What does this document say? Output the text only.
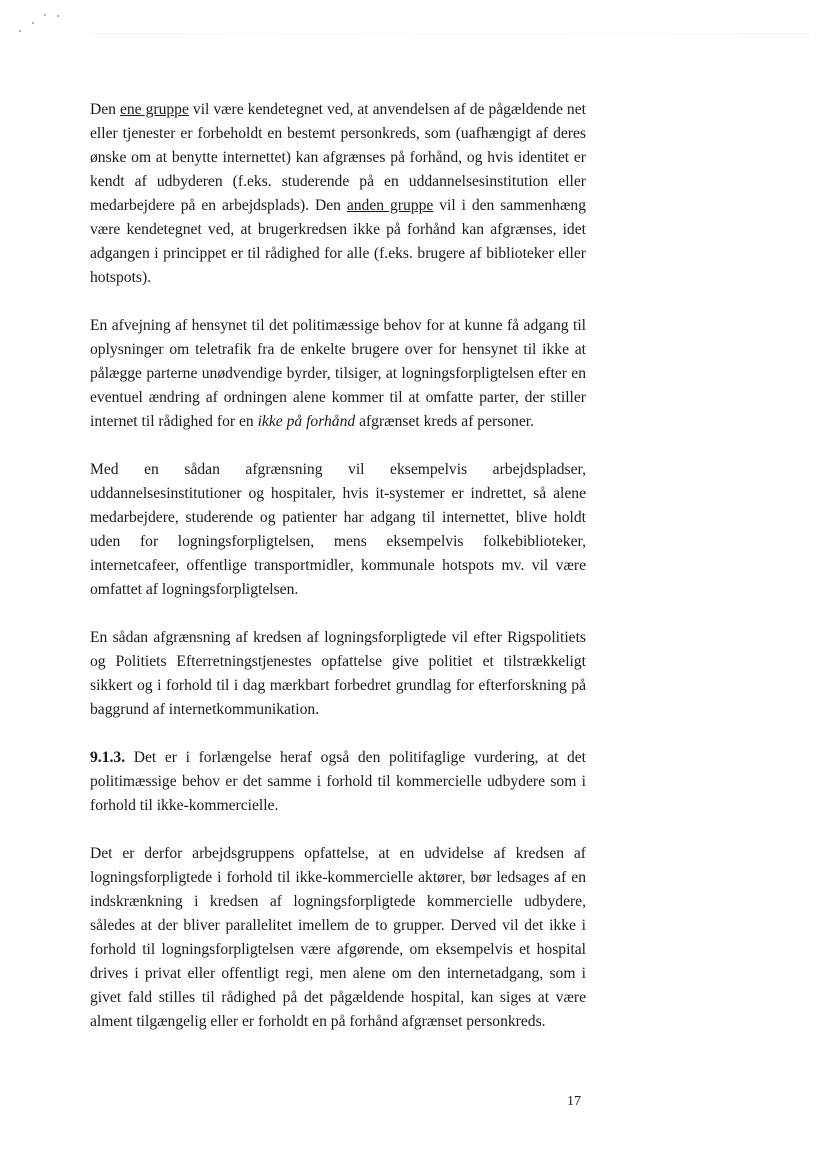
Den ene gruppe vil være kendetegnet ved, at anvendelsen af de pågældende net eller tjenester er forbeholdt en bestemt personkreds, som (uafhængigt af deres ønske om at benytte internettet) kan afgrænses på forhånd, og hvis identitet er kendt af udbyderen (f.eks. studerende på en uddannelsesinstitution eller medarbejdere på en arbejdsplads). Den anden gruppe vil i den sammenhæng være kendetegnet ved, at brugerkredsen ikke på forhånd kan afgrænses, idet adgangen i princippet er til rådighed for alle (f.eks. brugere af biblioteker eller hotspots).

En afvejning af hensynet til det politimæssige behov for at kunne få adgang til oplysninger om teletrafik fra de enkelte brugere over for hensynet til ikke at pålægge parterne unødvendige byrder, tilsiger, at logningsforpligtelsen efter en eventuel ændring af ordningen alene kommer til at omfatte parter, der stiller internet til rådighed for en ikke på forhånd afgrænset kreds af personer.

Med en sådan afgrænsning vil eksempelvis arbejdspladser, uddannelsesinstitutioner og hospitaler, hvis it-systemer er indrettet, så alene medarbejdere, studerende og patienter har adgang til internettet, blive holdt uden for logningsforpligtelsen, mens eksempelvis folkebiblioteker, internetcafeer, offentlige transportmidler, kommunale hotspots mv. vil være omfattet af logningsforpligtelsen.

En sådan afgrænsning af kredsen af logningsforpligtede vil efter Rigspolitiets og Politiets Efterretningstjenestes opfattelse give politiet et tilstrækkeligt sikkert og i forhold til i dag mærkbart forbedret grundlag for efterforskning på baggrund af internetkommunikation.

9.1.3. Det er i forlængelse heraf også den politifaglige vurdering, at det politimæssige behov er det samme i forhold til kommercielle udbydere som i forhold til ikke-kommercielle.

Det er derfor arbejdsgruppens opfattelse, at en udvidelse af kredsen af logningsforpligtede i forhold til ikke-kommercielle aktører, bør ledsages af en indskrænkning i kredsen af logningsforpligtede kommercielle udbydere, således at der bliver parallelitet imellem de to grupper. Derved vil det ikke i forhold til logningsforpligtelsen være afgørende, om eksempelvis et hospital drives i privat eller offentligt regi, men alene om den internetadgang, som i givet fald stilles til rådighed på det pågældende hospital, kan siges at være alment tilgængelig eller er forholdt en på forhånd afgrænset personkreds.

17
